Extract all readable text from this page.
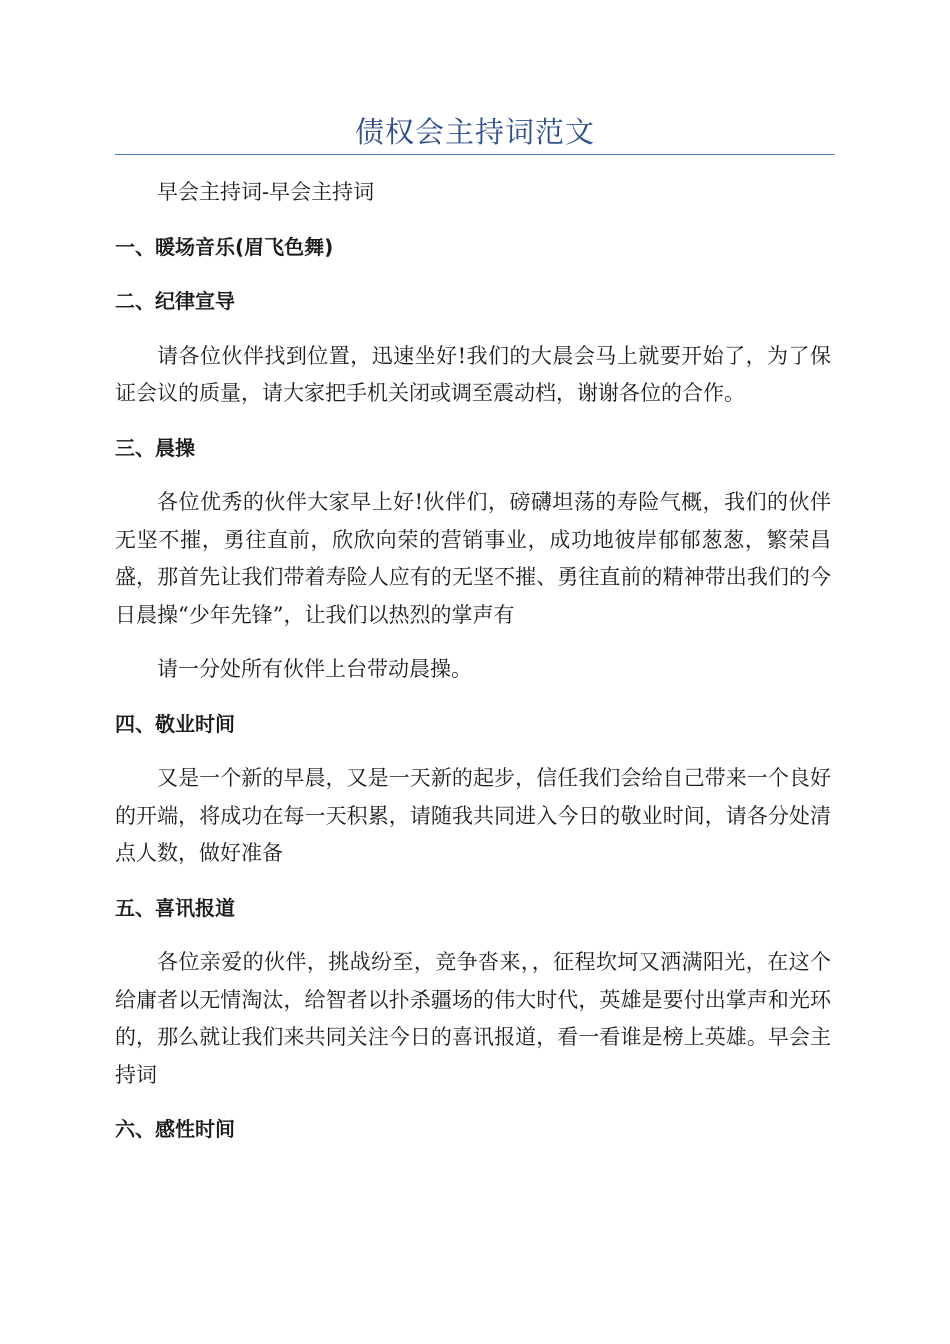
债权会主持词范文

早会主持词-早会主持词

一、暖场音乐(眉飞色舞)

二、纪律宣导

请各位伙伴找到位置，迅速坐好!我们的大晨会马上就要开始了，为了保证会议的质量，请大家把手机关闭或调至震动档，谢谢各位的合作。

三、晨操

各位优秀的伙伴大家早上好!伙伴们，磅礴坦荡的寿险气概，我们的伙伴无坚不摧，勇往直前，欣欣向荣的营销事业，成功地彼岸郁郁葱葱，繁荣昌盛，那首先让我们带着寿险人应有的无坚不摧、勇往直前的精神带出我们的今日晨操“少年先锋”，让我们以热烈的掌声有

请一分处所有伙伴上台带动晨操。

四、敬业时间

又是一个新的早晨，又是一天新的起步，信任我们会给自己带来一个良好的开端，将成功在每一天积累，请随我共同进入今日的敬业时间，请各分处清点人数，做好准备

五、喜讯报道

各位亲爱的伙伴，挑战纷至，竞争沓来，，征程坎坷又洒满阳光，在这个给庸者以无情淘汰，给智者以扑杀疆场的伟大时代，英雄是要付出掌声和光环的，那么就让我们来共同关注今日的喜讯报道，看一看谁是榜上英雄。早会主持词

六、感性时间
